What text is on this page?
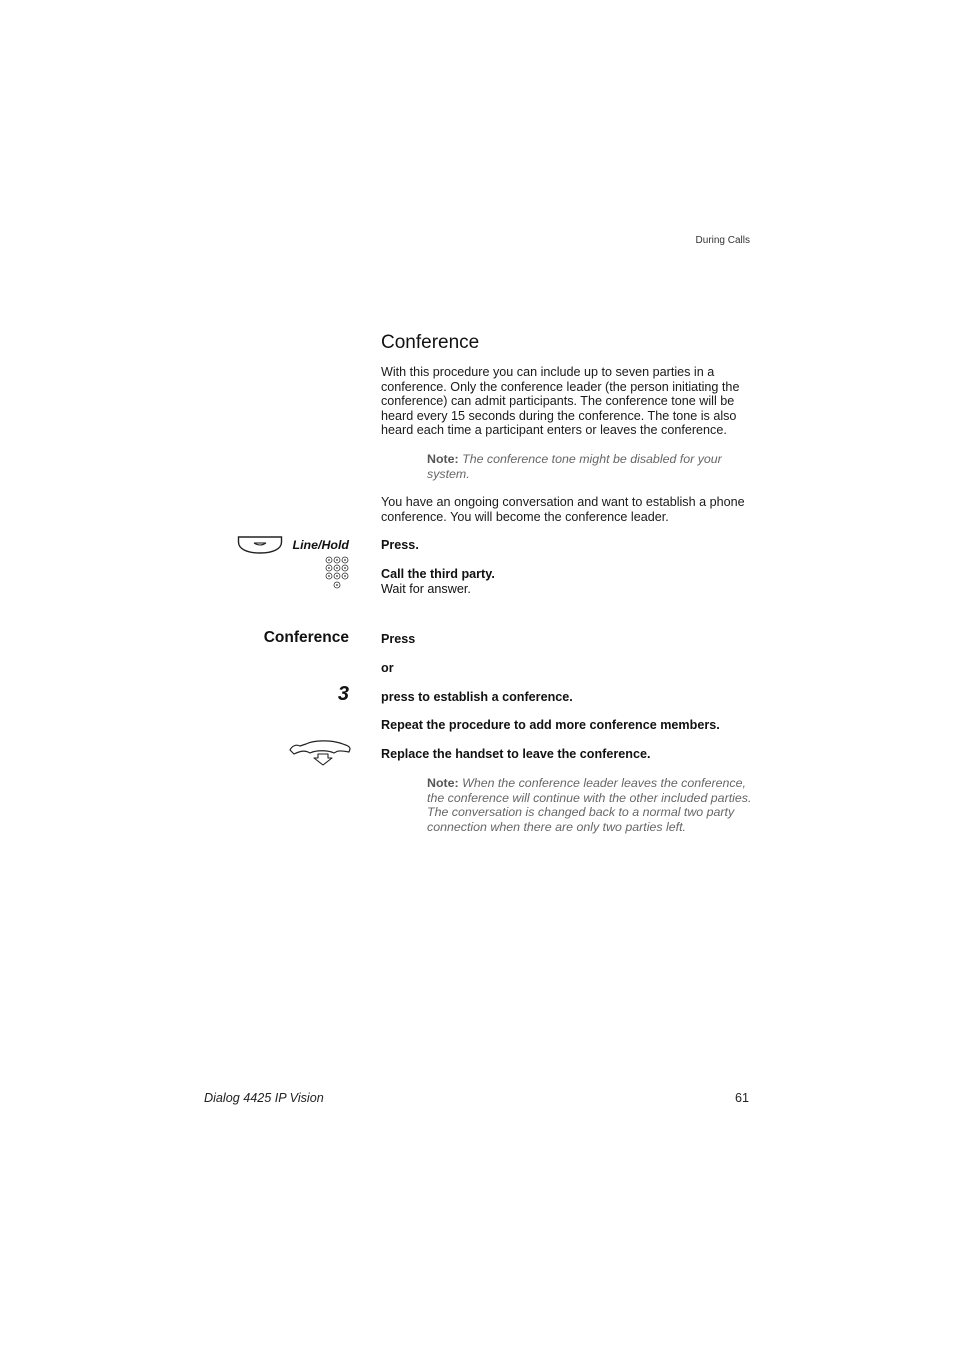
During Calls
Conference

With this procedure you can include up to seven parties in a conference. Only the conference leader (the person initiating the conference) can admit participants. The conference tone will be heard every 15 seconds during the conference. The tone is also heard each time a participant enters or leaves the conference.

Note: The conference tone might be disabled for your system.

You have an ongoing conversation and want to establish a phone conference. You will become the conference leader.

Line/Hold	Press.

Call the third party.
Wait for answer.

Conference	Press

or

3	press to establish a conference.

Repeat the procedure to add more conference members.

Replace the handset to leave the conference.

Note: When the conference leader leaves the conference, the conference will continue with the other included parties. The conversation is changed back to a normal two party connection when there are only two parties left.

Dialog 4425 IP Vision	61
